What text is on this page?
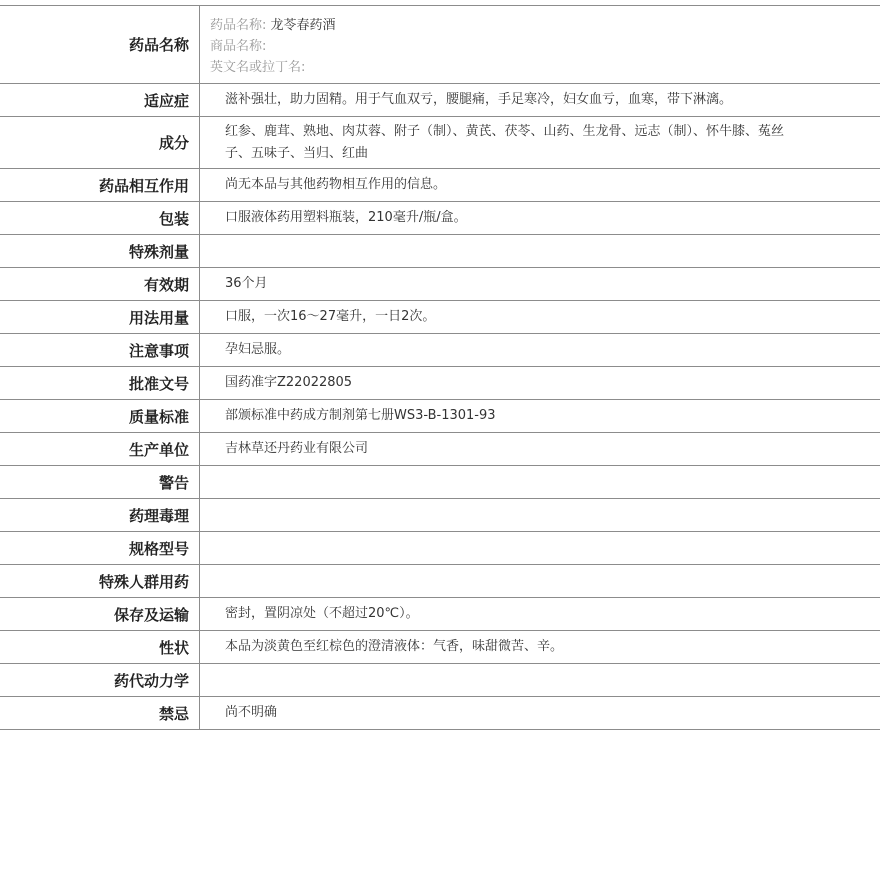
药品名称
药品名称: 龙苓春药酒
商品名称:
英文名或拉丁名:
适应症	滋补强壮，助力固精。用于气血双亏，腰腿痛，手足寒冷，妇女血亏，血寒，带下淋漓。
成分
红参、鹿茸、熟地、肉苁蓉、附子（制）、黄芪、茯苓、山药、生龙骨、远志（制）、怀牛膝、菟丝子、五味子、当归、红曲
药品相互作用	尚无本品与其他药物相互作用的信息。
包装	口服液体药用塑料瓶装，210毫升/瓶/盒。
特殊剂量
有效期	36个月
用法用量	口服，一次16～27毫升，一日2次。
注意事项	孕妇忌服。
批准文号	国药准字Z22022805
质量标准	部颁标准中药成方制剂第七册WS3-B-1301-93
生产单位	吉林草还丹药业有限公司
警告
药理毒理
规格型号
特殊人群用药
保存及运输	密封，置阴凉处（不超过20℃）。
性状	本品为淡黄色至红棕色的澄清液体：气香，味甜微苦、辛。
药代动力学
禁忌	尚不明确
